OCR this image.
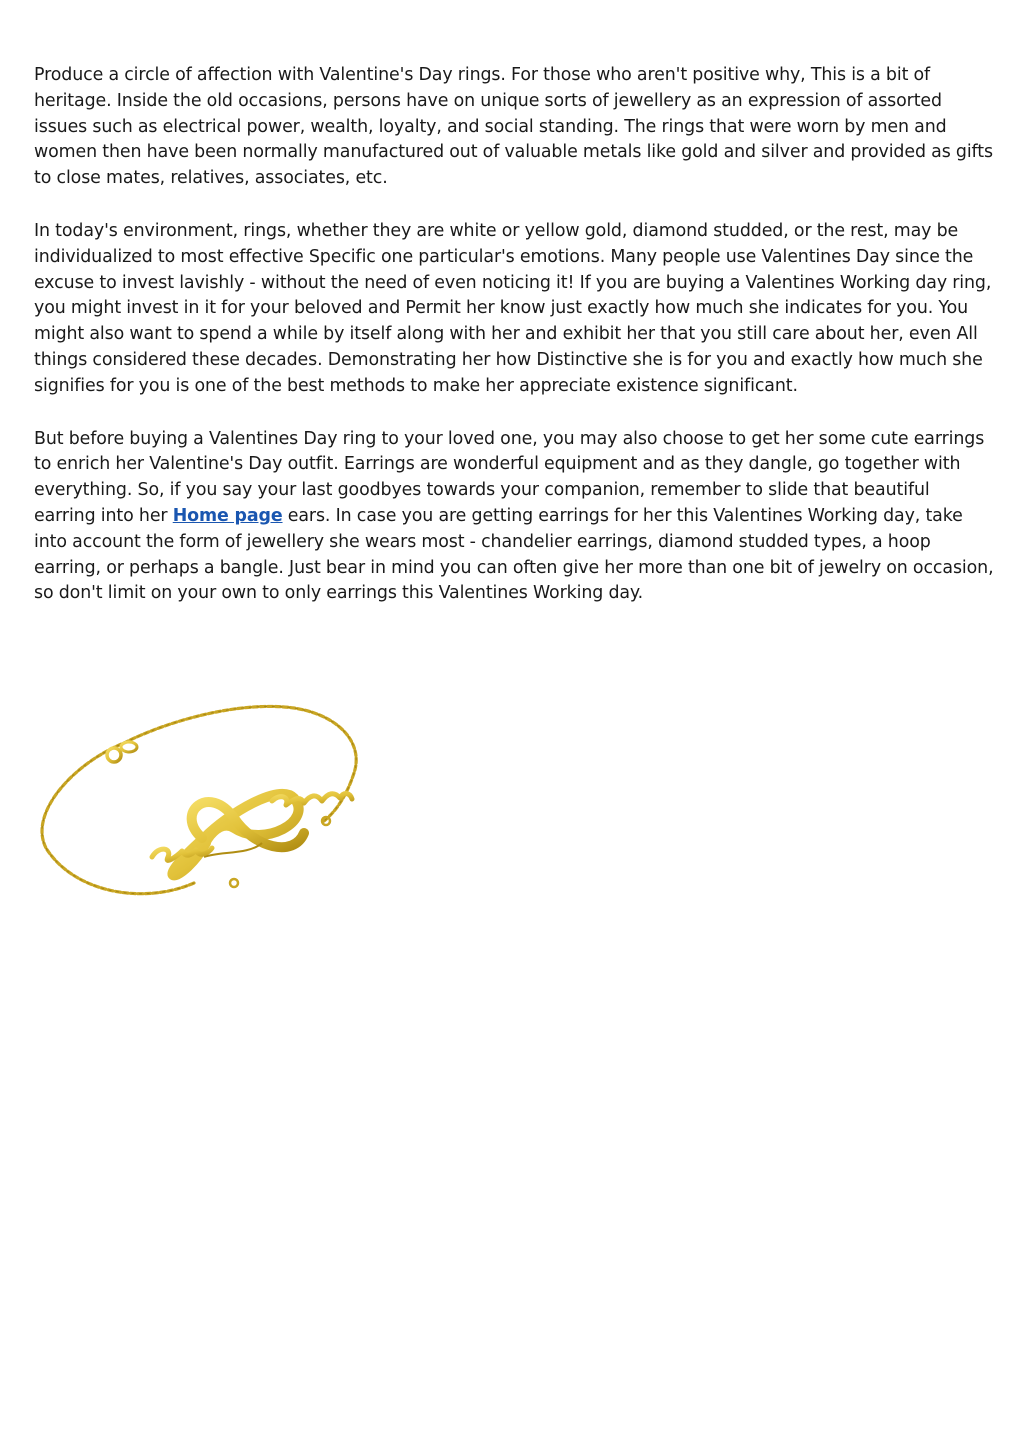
Produce a circle of affection with Valentine's Day rings. For those who aren't positive why, This is a bit of heritage. Inside the old occasions, persons have on unique sorts of jewellery as an expression of assorted issues such as electrical power, wealth, loyalty, and social standing. The rings that were worn by men and women then have been normally manufactured out of valuable metals like gold and silver and provided as gifts to close mates, relatives, associates, etc.

In today's environment, rings, whether they are white or yellow gold, diamond studded, or the rest, may be individualized to most effective Specific one particular's emotions. Many people use Valentines Day since the excuse to invest lavishly - without the need of even noticing it! If you are buying a Valentines Working day ring, you might invest in it for your beloved and Permit her know just exactly how much she indicates for you. You might also want to spend a while by itself along with her and exhibit her that you still care about her, even All things considered these decades. Demonstrating her how Distinctive she is for you and exactly how much she signifies for you is one of the best methods to make her appreciate existence significant.

But before buying a Valentines Day ring to your loved one, you may also choose to get her some cute earrings to enrich her Valentine's Day outfit. Earrings are wonderful equipment and as they dangle, go together with everything. So, if you say your last goodbyes towards your companion, remember to slide that beautiful earring into her Home page ears. In case you are getting earrings for her this Valentines Working day, take into account the form of jewellery she wears most - chandelier earrings, diamond studded types, a hoop earring, or perhaps a bangle. Just bear in mind you can often give her more than one bit of jewelry on occasion, so don't limit on your own to only earrings this Valentines Working day.
